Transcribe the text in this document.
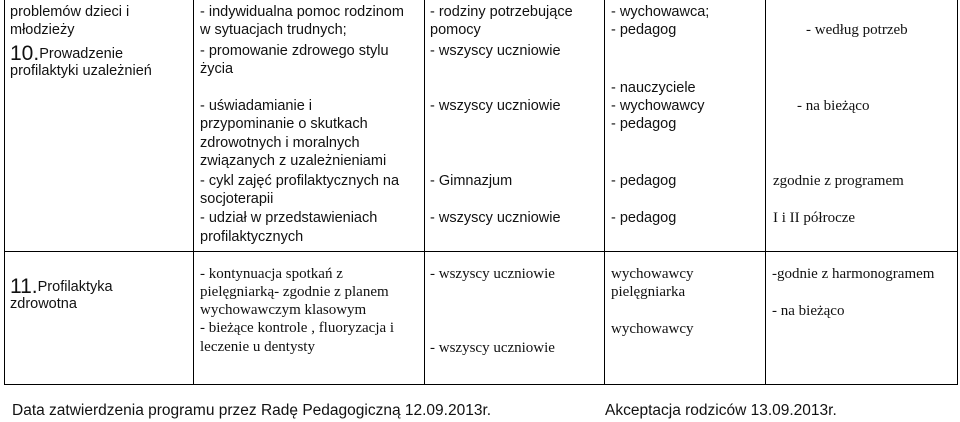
problemów dzieci i
młodzieży
10.Prowadzenie
profilaktyki uzależnień
- indywidualna pomoc rodzinom
w sytuacjach trudnych;
- promowanie zdrowego stylu
życia
- uświadamianie i
przypominanie o skutkach
zdrowotnych i moralnych
związanych z uzależnieniami
- cykl zajęć profilaktycznych na
socjoterapii
- udział w przedstawieniach
profilaktycznych
- rodziny potrzebujące
pomocy
- wszyscy uczniowie
- wszyscy uczniowie
- Gimnazjum
- wszyscy uczniowie
- wychowawca;
- pedagog
- nauczyciele
- wychowawcy
- pedagog
- pedagog
- pedagog
- według potrzeb
- na bieżąco
zgodnie z programem
I i II półrocze
11.Profilaktyka
zdrowotna
- kontynuacja spotkań z
pielęgniarką- zgodnie z planem
wychowawczym klasowym
- bieżące kontrole , fluoryzacja i
leczenie u dentysty
- wszyscy uczniowie
- wszyscy uczniowie
wychowawcy
pielęgniarka
wychowawcy
-godnie z harmonogramem
- na bieżąco
Data zatwierdzenia programu przez Radę Pedagogiczną 12.09.2013r.	Akceptacja rodziców 13.09.2013r.
